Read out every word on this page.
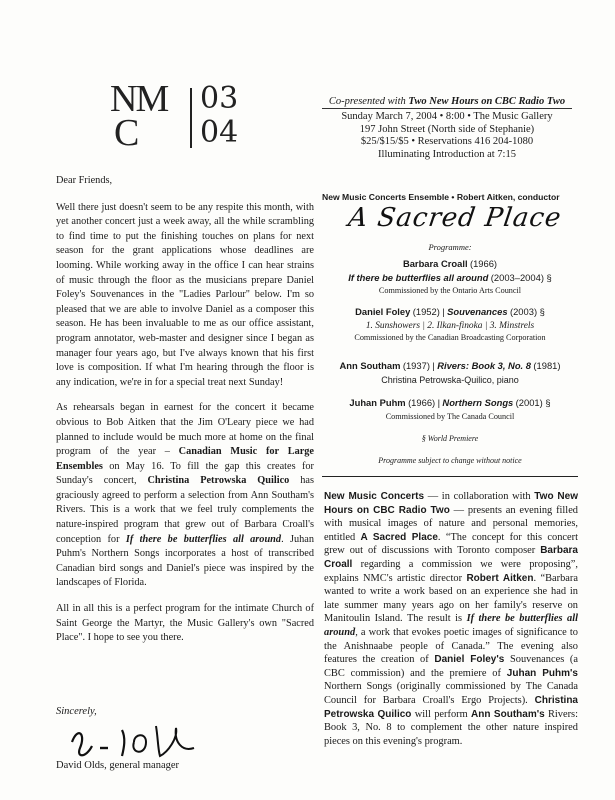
NM
C
03
04

Dear Friends,

Well there just doesn't seem to be any respite this month, with yet another concert just a week away, all the while scrambling to find time to put the finishing touches on plans for next season for the grant applications whose deadlines are looming. While working away in the office I can hear strains of music through the floor as the musicians prepare Daniel Foley's Souvenances in the "Ladies Parlour" below. I'm so pleased that we are able to involve Daniel as a composer this season. He has been invaluable to me as our office assistant, program annotator, web-master and designer since I began as manager four years ago, but I've always known that his first love is composition. If what I'm hearing through the floor is any indication, we're in for a special treat next Sunday!

As rehearsals began in earnest for the concert it became obvious to Bob Aitken that the Jim O'Leary piece we had planned to include would be much more at home on the final program of the year – Canadian Music for Large Ensembles on May 16. To fill the gap this creates for Sunday's concert, Christina Petrowska Quilico has graciously agreed to perform a selection from Ann Southam's Rivers. This is a work that we feel truly complements the nature-inspired program that grew out of Barbara Croall's conception for If there be butterflies all around. Juhan Puhm's Northern Songs incorporates a host of transcribed Canadian bird songs and Daniel's piece was inspired by the landscapes of Florida.

All in all this is a perfect program for the intimate Church of Saint George the Martyr, the Music Gallery's own "Sacred Place". I hope to see you there.

Sincerely,
David Olds, general manager

Co-presented with Two New Hours on CBC Radio Two

Sunday March 7, 2004 • 8:00 • The Music Gallery
197 John Street (North side of Stephanie)
$25/$15/$5 • Reservations 416 204-1080
Illuminating Introduction at 7:15
New Music Concerts Ensemble • Robert Aitken, conductor
A Sacred Place
Programme:
Barbara Croall (1966)
If there be butterflies all around (2003–2004) §
Commissioned by the Ontario Arts Council
Daniel Foley (1952) | Souvenances (2003) §
1. Sunshowers | 2. Ilkan-finoka | 3. Minstrels
Commissioned by the Canadian Broadcasting Corporation
Ann Southam (1937) | Rivers: Book 3, No. 8 (1981)
Christina Petrowska-Quilico, piano
Juhan Puhm (1966) | Northern Songs (2001) §
Commissioned by The Canada Council
§ World Premiere
Programme subject to change without notice
New Music Concerts — in collaboration with Two New Hours on CBC Radio Two — presents an evening filled with musical images of nature and personal memories, entitled A Sacred Place. “The concept for this concert grew out of discussions with Toronto composer Barbara Croall regarding a commission we were proposing”, explains NMC's artistic director Robert Aitken. “Barbara wanted to write a work based on an experience she had in late summer many years ago on her family's reserve on Manitoulin Island. The result is If there be butterflies all around, a work that evokes poetic images of significance to the Anishnaabe people of Canada.” The evening also features the creation of Daniel Foley's Souvenances (a CBC commission) and the premiere of Juhan Puhm's Northern Songs (originally commissioned by The Canada Council for Barbara Croall's Ergo Projects). Christina Petrowska Quilico will perform Ann Southam's Rivers: Book 3, No. 8 to complement the other nature inspired pieces on this evening's program.
